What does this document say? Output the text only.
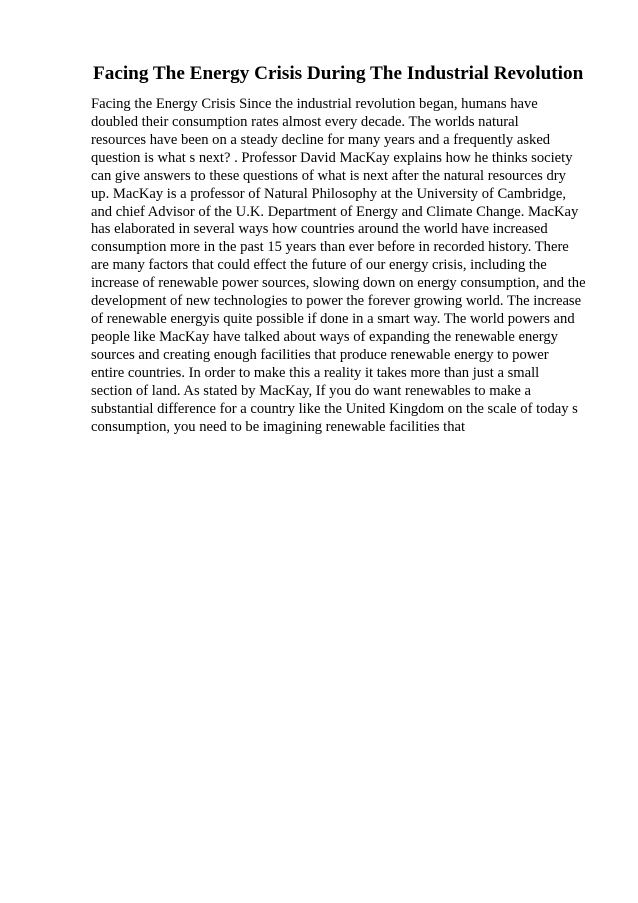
Facing The Energy Crisis During The Industrial Revolution
Facing the Energy Crisis Since the industrial revolution began, humans have
doubled their consumption rates almost every decade. The worlds natural
resources have been on a steady decline for many years and a frequently asked
question is what s next? . Professor David MacKay explains how he thinks society
can give answers to these questions of what is next after the natural resources dry
up. MacKay is a professor of Natural Philosophy at the University of Cambridge,
and chief Advisor of the U.K. Department of Energy and Climate Change. MacKay
has elaborated in several ways how countries around the world have increased
consumption more in the past 15 years than ever before in recorded history. There
are many factors that could effect the future of our energy crisis, including the
increase of renewable power sources, slowing down on energy consumption, and the
development of new technologies to power the forever growing world. The increase
of renewable energyis quite possible if done in a smart way. The world powers and
people like MacKay have talked about ways of expanding the renewable energy
sources and creating enough facilities that produce renewable energy to power
entire countries. In order to make this a reality it takes more than just a small
section of land. As stated by MacKay, If you do want renewables to make a
substantial difference for a country like the United Kingdom on the scale of today s
consumption, you need to be imagining renewable facilities that
